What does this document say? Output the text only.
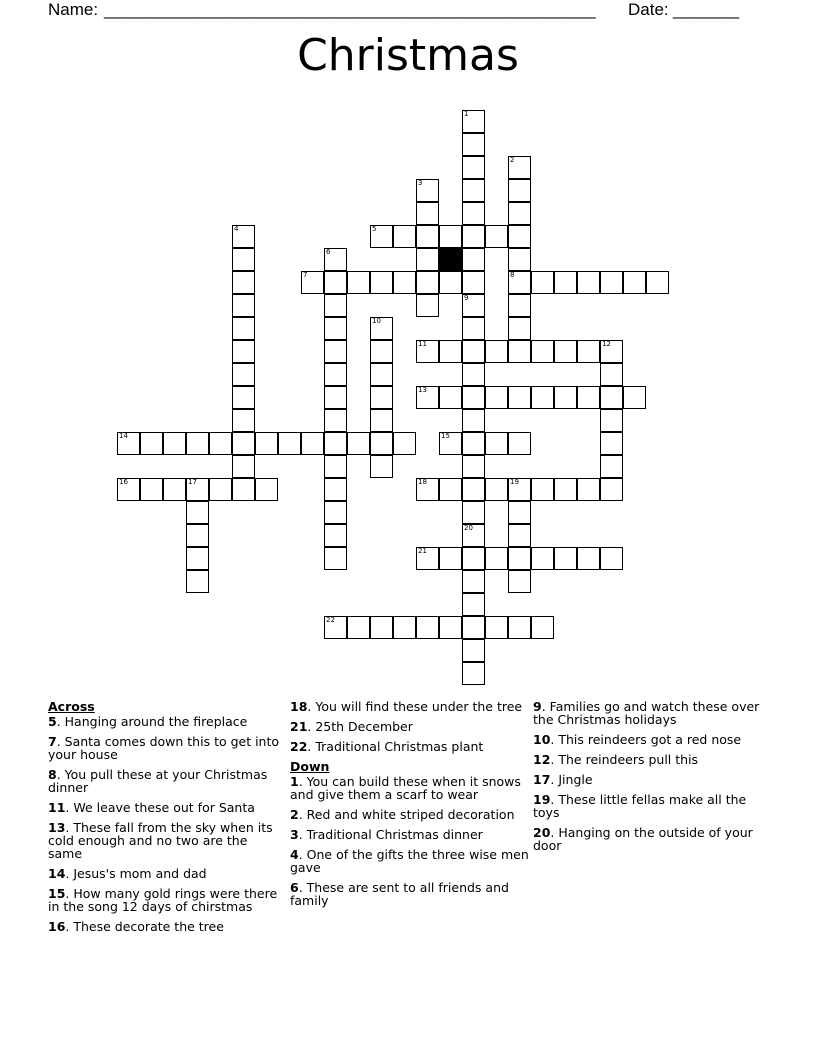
Name: ____________________________________________________ Date: _______
Christmas
5
7	8
11	12
13
14	15
16	17	18	19
21
22
1
9
2
3
4
6
20
10
Across
5. Hanging around the fireplace
7. Santa comes down this to get into your house
8. You pull these at your Christmas dinner
11. We leave these out for Santa
13. These fall from the sky when its cold enough and no two are the same
14. Jesus's mom and dad
15. How many gold rings were there in the song 12 days of chirstmas
16. These decorate the tree
18. You will find these under the tree
21. 25th December
22. Traditional Christmas plant
Down
1. You can build these when it snows and give them a scarf to wear
2. Red and white striped decoration
3. Traditional Christmas dinner
4. One of the gifts the three wise men gave
6. These are sent to all friends and family
9. Families go and watch these over the Christmas holidays
10. This reindeers got a red nose
12. The reindeers pull this
17. Jingle
19. These little fellas make all the toys
20. Hanging on the outside of your door
